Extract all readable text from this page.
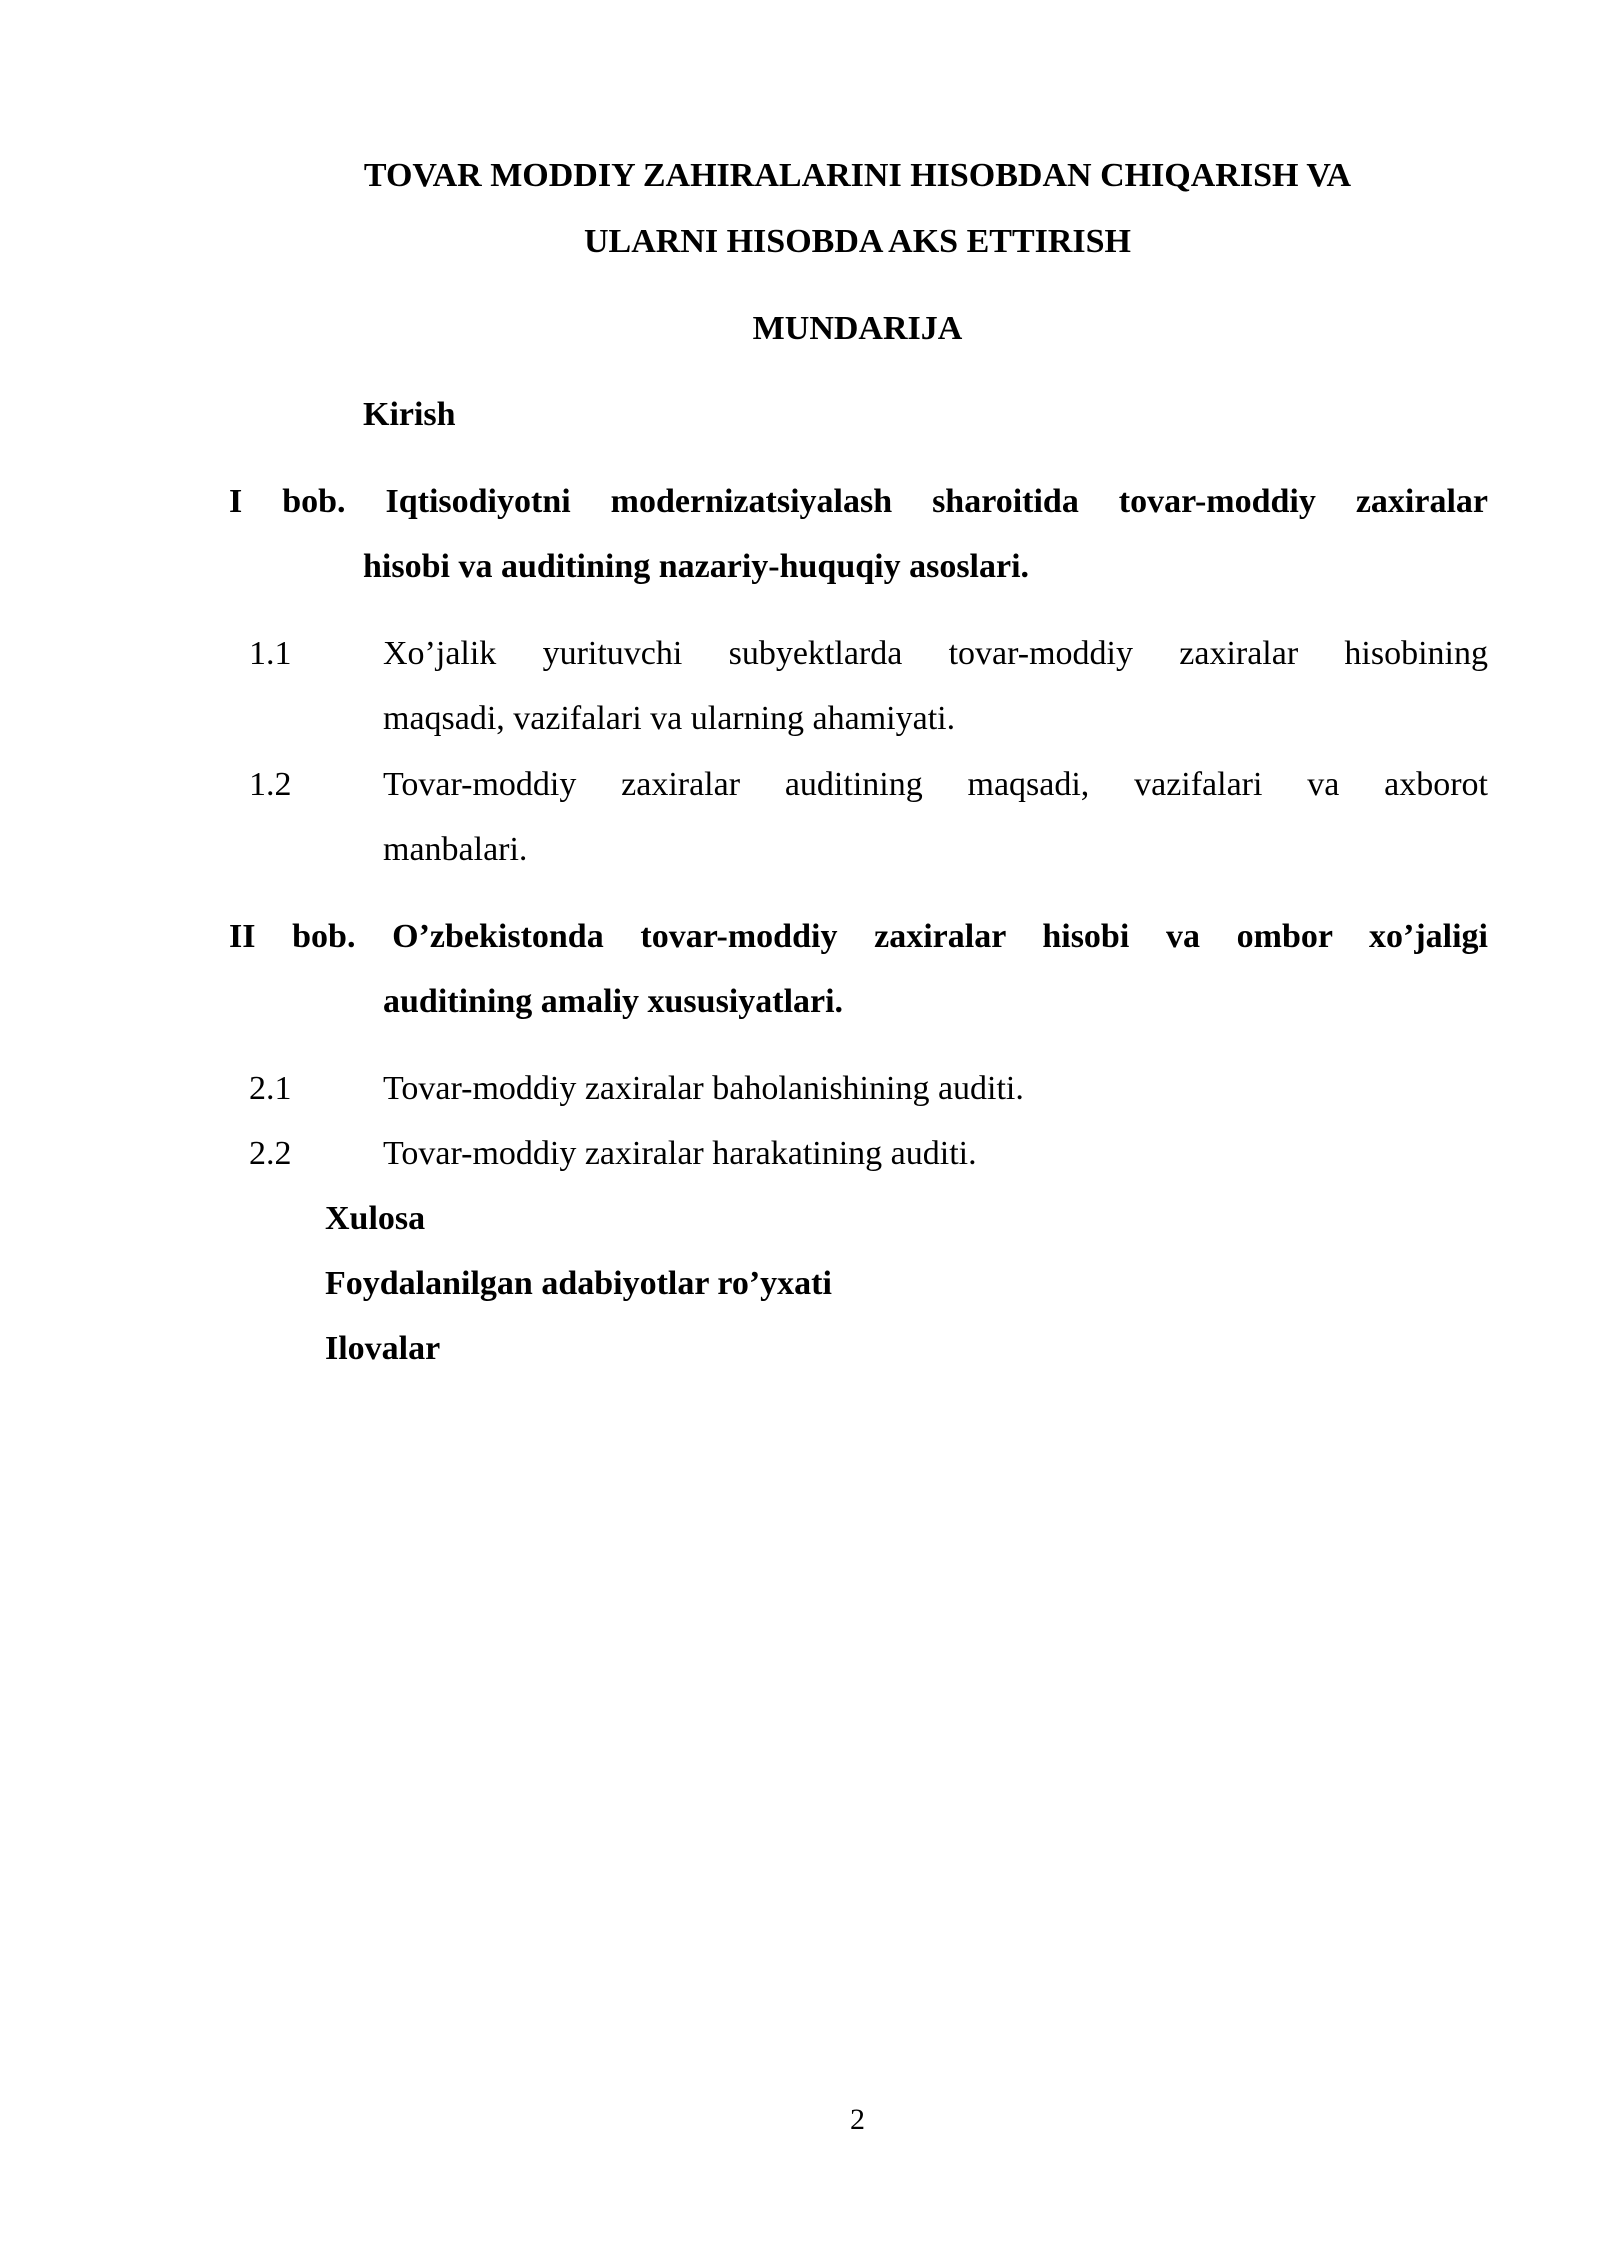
TOVAR MODDIY ZAHIRALARINI HISOBDAN CHIQARISH VA
ULARNI HISOBDA AKS ETTIRISH
MUNDARIJA
Kirish
I bob. Iqtisodiyotni modernizatsiyalash sharoitida tovar-moddiy zaxiralar
hisobi va auditining nazariy-huquqiy asoslari.
1.1	Xo’jalik yurituvchi subyektlarda tovar-moddiy zaxiralar hisobining
maqsadi, vazifalari va ularning ahamiyati.
1.2	Tovar-moddiy zaxiralar auditining maqsadi, vazifalari va axborot
manbalari.
II bob. O’zbekistonda tovar-moddiy zaxiralar hisobi va ombor xo’jaligi
auditining amaliy xususiyatlari.
2.1	Tovar-moddiy zaxiralar baholanishining auditi.
2.2	Tovar-moddiy zaxiralar harakatining auditi.
Xulosa
Foydalanilgan adabiyotlar ro’yxati
Ilovalar
2
